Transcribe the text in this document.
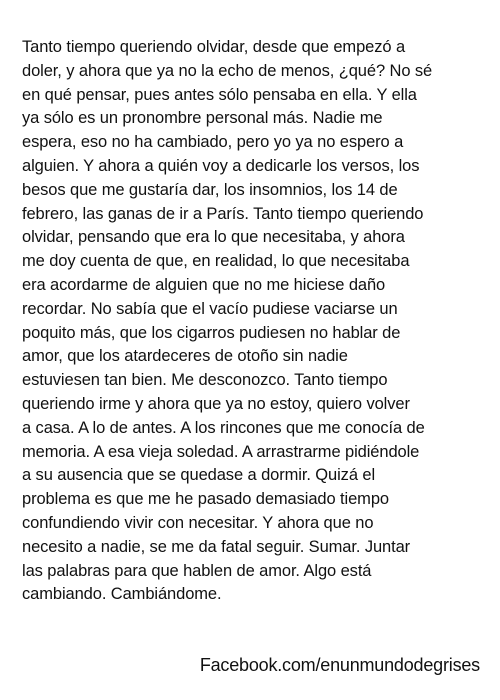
Tanto tiempo queriendo olvidar, desde que empezó a
doler, y ahora que ya no la echo de menos, ¿qué? No sé
en qué pensar, pues antes sólo pensaba en ella. Y ella
ya sólo es un pronombre personal más. Nadie me
espera, eso no ha cambiado, pero yo ya no espero a
alguien. Y ahora a quién voy a dedicarle los versos, los
besos que me gustaría dar, los insomnios, los 14 de
febrero, las ganas de ir a París. Tanto tiempo queriendo
olvidar, pensando que era lo que necesitaba, y ahora
me doy cuenta de que, en realidad, lo que necesitaba
era acordarme de alguien que no me hiciese daño
recordar. No sabía que el vacío pudiese vaciarse un
poquito más, que los cigarros pudiesen no hablar de
amor, que los atardeceres de otoño sin nadie
estuviesen tan bien. Me desconozco. Tanto tiempo
queriendo irme y ahora que ya no estoy, quiero volver
a casa. A lo de antes. A los rincones que me conocía de
memoria. A esa vieja soledad. A arrastrarme pidiéndole
a su ausencia que se quedase a dormir. Quizá el
problema es que me he pasado demasiado tiempo
confundiendo vivir con necesitar. Y ahora que no
necesito a nadie, se me da fatal seguir. Sumar. Juntar
las palabras para que hablen de amor. Algo está
cambiando. Cambiándome.

Facebook.com/enunmundodegrises
